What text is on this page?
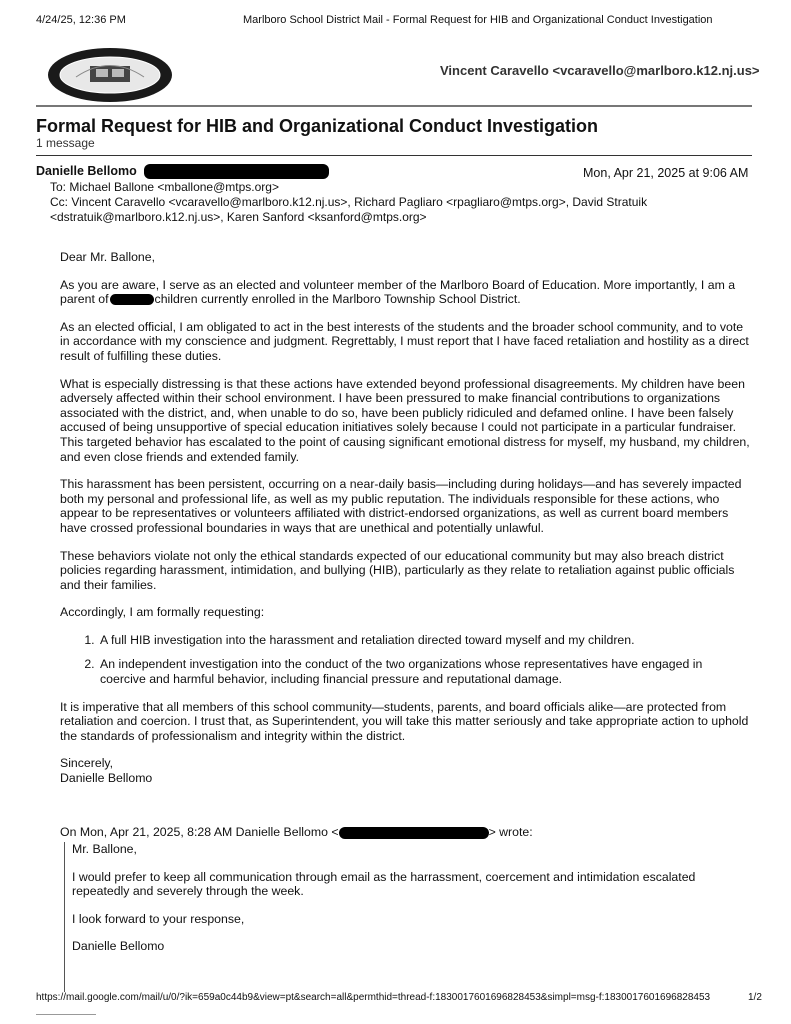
4/24/25, 12:36 PM	Marlboro School District Mail - Formal Request for HIB and Organizational Conduct Investigation
Vincent Caravello <vcaravello@marlboro.k12.nj.us>
Formal Request for HIB and Organizational Conduct Investigation
1 message
Danielle Bellomo	Mon, Apr 21, 2025 at 9:06 AM
To: Michael Ballone <mballone@mtps.org>
Cc: Vincent Caravello <vcaravello@marlboro.k12.nj.us>, Richard Pagliaro <rpagliaro@mtps.org>, David Stratuik
<dstratuik@marlboro.k12.nj.us>, Karen Sanford <ksanford@mtps.org>

Dear Mr. Ballone,

As you are aware, I serve as an elected and volunteer member of the Marlboro Board of Education. More importantly, I am a parent of	children currently enrolled in the Marlboro Township School District.

As an elected official, I am obligated to act in the best interests of the students and the broader school community, and to vote in accordance with my conscience and judgment. Regrettably, I must report that I have faced retaliation and hostility as a direct result of fulfilling these duties.

What is especially distressing is that these actions have extended beyond professional disagreements. My children have been adversely affected within their school environment. I have been pressured to make financial contributions to organizations associated with the district, and, when unable to do so, have been publicly ridiculed and defamed online. I have been falsely accused of being unsupportive of special education initiatives solely because I could not participate in a particular fundraiser. This targeted behavior has escalated to the point of causing significant emotional distress for myself, my husband, my children, and even close friends and extended family.

This harassment has been persistent, occurring on a near-daily basis—including during holidays—and has severely impacted both my personal and professional life, as well as my public reputation. The individuals responsible for these actions, who appear to be representatives or volunteers affiliated with district-endorsed organizations, as well as current board members have crossed professional boundaries in ways that are unethical and potentially unlawful.

These behaviors violate not only the ethical standards expected of our educational community but may also breach district policies regarding harassment, intimidation, and bullying (HIB), particularly as they relate to retaliation against public officials and their families.

Accordingly, I am formally requesting:

1. A full HIB investigation into the harassment and retaliation directed toward myself and my children.
2. An independent investigation into the conduct of the two organizations whose representatives have engaged in coercive and harmful behavior, including financial pressure and reputational damage.

It is imperative that all members of this school community—students, parents, and board officials alike—are protected from retaliation and coercion. I trust that, as Superintendent, you will take this matter seriously and take appropriate action to uphold the standards of professionalism and integrity within the district.

Sincerely,
Danielle Bellomo

On Mon, Apr 21, 2025, 8:28 AM Danielle Bellomo <	> wrote:

Mr. Ballone,

I would prefer to keep all communication through email as the harrassment, coercement and intimidation escalated repeatedly and severely through the week.

I look forward to your response,

Danielle Bellomo

https://mail.google.com/mail/u/0/?ik=659a0c44b9&view=pt&search=all&permthid=thread-f:1830017601696828453&simpl=msg-f:1830017601696828453	1/2
